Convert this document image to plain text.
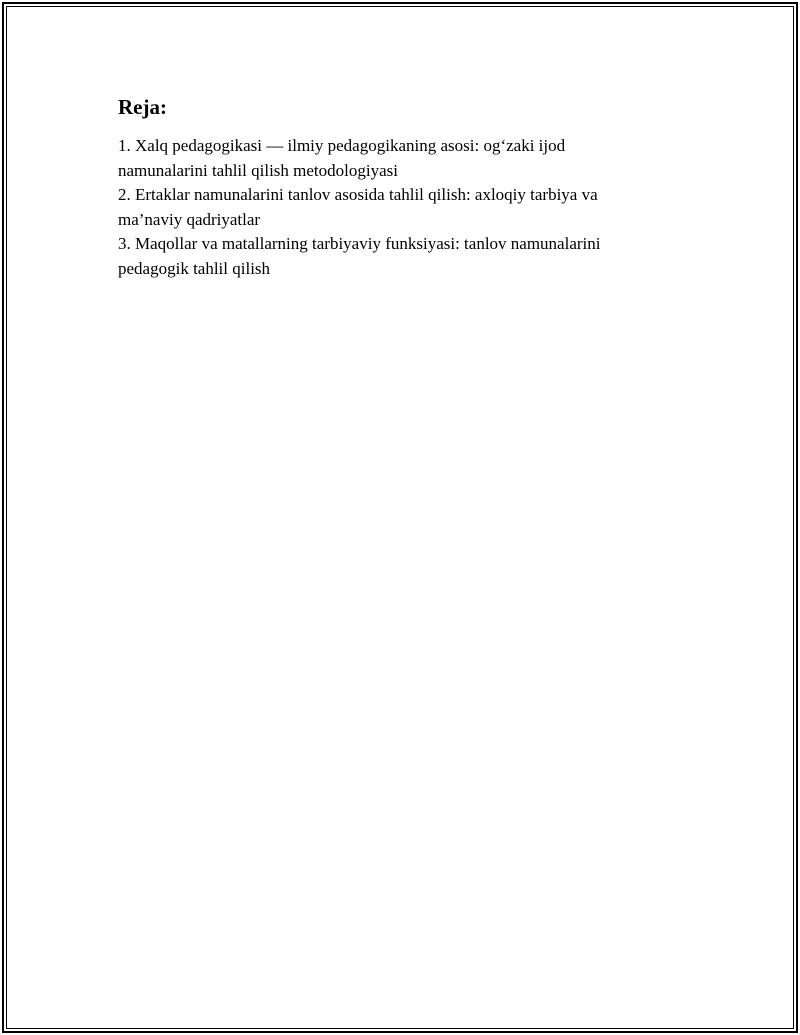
Reja:
1. Xalq pedagogikasi — ilmiy pedagogikaning asosi: og‘zaki ijod namunalarini tahlil qilish metodologiyasi
2. Ertaklar namunalarini tanlov asosida tahlil qilish: axloqiy tarbiya va ma’naviy qadriyatlar
3. Maqollar va matallarning tarbiyaviy funksiyasi: tanlov namunalarini pedagogik tahlil qilish
